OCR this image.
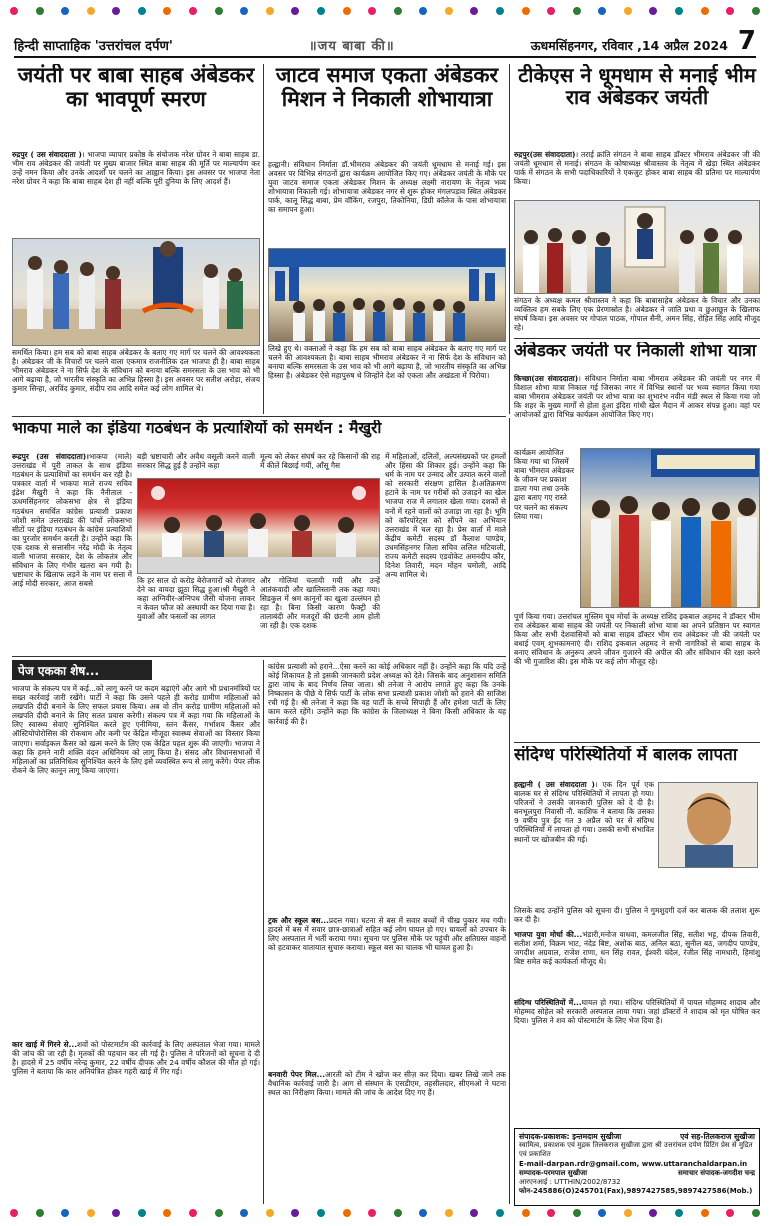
हिन्दी साप्ताहिक 'उत्तरांचल दर्पण'	॥जय बाबा की॥	ऊधमसिंहनगर, रविवार ,14 अप्रैल 2024 7
जयंती पर बाबा साहब अंबेडकर का भावपूर्ण स्मरण
रुद्रपुर ( उस संवाददाता )। भाजपा व्यापार प्रकोष्ठ के संयोजक नरेश ग्रोवर ने बाबा साहब डा. भीम राव अंबेडकर की जयंती पर मुख्य बाजार स्थित बाबा साहब की मूर्ति पर माल्यार्पण कर उन्हें नमन किया और उनके आदर्शों पर चलने का आह्वान किया। इस अवसर पर भाजपा नेता नरेश ग्रोवर ने कहा कि बाबा साहब देश ही नहीं बल्कि पूरी दुनिया के लिए आदर्श हैं।
समर्थित किया। हम सब को बाबा साहब अंबेडकर के बताए गए मार्ग पर चलने की आवश्यकता है। अंबेडकर जी के विचारों पर चलने वाला एकमात्र राजनीतिक दल भाजपा ही है। बाबा साहब भीमराव अंबेडकर ने ना सिर्फ देश के संविधान को बनाया बल्कि समरसता के उस भाव को भी आगे बढ़ाया है, जो भारतीय संस्कृति का अभिन्न हिस्सा है। इस अवसर पर सतीश अरोड़ा, संजय कुमार सिन्हा, अरविंद कुमार, संदीप राव आदि समेत कई लोग शामिल थे।
जाटव समाज एकता अंबेडकर मिशन ने निकाली शोभायात्रा
हल्द्वानी। संविधान निर्माता डॉ.भीमराव अंबेडकर की जयंती धूमधाम से मनाई गई। इस अवसर पर विभिन्न संगठनों द्वारा कार्यक्रम आयोजित किए गए। अंबेडकर जयंती के मौके पर युवा जाटव समाज एकता अंबेडकर मिशन के अध्यक्ष लक्ष्मी नारायण के नेतृत्व भव्य शोभायात्रा निकाली गई। शोभायात्रा अंबेडकर नगर से शुरू होकर मंगलपड़ाव स्थित अंबेडकर पार्क, कालू सिद्ध बाबा, प्रेम वॉकिंग, रजपुरा, तिकोनिया, डिग्री कॉलेज के पास शोभायात्रा का समापन हुआ।
लिखे हुए थे। वक्ताओं ने कहा कि हम सब को बाबा साहब अंबेडकर के बताए गए मार्ग पर चलने की आवश्यकता है। बाबा साहब भीमराव अंबेडकर ने ना सिर्फ देश के संविधान को बनाया बल्कि समरसता के उस भाव को भी आगे बढ़ाया है, जो भारतीय संस्कृति का अभिन्न हिस्सा है। अंबेडकर ऐसे महापुरुष थे जिन्होंने देश को एकता और अखंडता में पिरोया।
टीकेएस ने धूमधाम से मनाई भीम राव अंबेडकर जयंती
रुद्रपुर(उस संवाददाता)। तराई क्रांति संगठन ने बाबा साहब डॉक्टर भीमराव अंबेडकर जी की जयंती धूमधाम से मनाई। संगठन के कोषाध्यक्ष श्रीवास्तव के नेतृत्व में खेड़ा स्थित अंबेडकर पार्क में संगठन के सभी पदाधिकारियों ने एकजुट होकर बाबा साहब की प्रतिमा पर माल्यार्पण किया।
संगठन के अध्यक्ष कमल श्रीवास्तव ने कहा कि बाबासाहेब अंबेडकर के विचार और उनका व्यक्तित्व हम सबके लिए एक प्रेरणास्रोत है। अंबेडकर ने जाति प्रथा व छुआछूत के खिलाफ संघर्ष किया। इस अवसर पर गोपाल पाठक, गोपाल सैनी, अमन सिंह, रोहित सिंह आदि मौजूद रहे।
अंबेडकर जयंती पर निकाली शोभा यात्रा
किच्छा(उस संवाददाता)। संविधान निर्माता बाबा भीमराव अंबेडकर की जयंती पर नगर में विशाल शोभा यात्रा निकाल गई जिसका नगर में विभिन्न स्थानों पर भव्य स्वागत किया गया बाबा भीमराव अंबेडकर जयंती पर शोभा यात्रा का शुभारंभ नवीन मंडी स्थल से किया गया जो कि शहर के मुख्य मार्गों से होता हुआ इंदिरा गांधी खेल मैदान में आकर संपन्न हुआ। वहां पर आयोजकों द्वारा विभिन्न कार्यक्रम आयोजित किए गए।
कार्यक्रम आयोजित किया गया था जिसमें बाबा भीमराव अंबेडकर के जीवन पर प्रकाश डाला गया तथा उनके द्वारा बताए गए रास्ते पर चलने का संकल्प लिया गया।
पूर्ण किया गया। उत्तरांचल मुस्लिम यूथ मोर्चा के अध्यक्ष राशिद इकबाल अहमद ने डॉक्टर भीम राव अंबेडकर बाबा साहब की जयंती पर निकाली शोभा यात्रा का अपने प्रतिष्ठान पर स्वागत किया और सभी देशवासियों को बाबा साहब डॉक्टर भीम राव अंबेडकर जी की जयंती पर बधाई एवम् शुभकामनाएं दी। राशिद इकबाल अहमद ने सभी नागरिकों से बाबा साहब के बनाए संविधान के अनुरूप अपने जीवन गुजारने की अपील की और संविधान की रक्षा करने की भी गुजारिश की। इस मौके पर कई लोग मौजूद रहे।
संदिग्ध परिस्थितियों में बालक लापता
हल्द्वानी ( उस संवाददाता )। एक दिन पूर्व एक बालक घर से संदिग्ध परिस्थितियों में लापता हो गया। परिजनों ने उसकी जानकारी पुलिस को दे दी है। बनभूलपुरा निवासी नौ. काशिफ ने बताया कि उसका 9 वर्षीय पुत्र ईद गत 3 अप्रैल को घर से संदिग्ध परिस्थितियों में लापता हो गया। उसकी सभी संभावित स्थानों पर खोजबीन की गई।
जिसके बाद उन्होंने पुलिस को सूचना दी। पुलिस ने गुमशुदगी दर्ज कर बालक की तलाश शुरू कर दी है।
भाजपा युवा मोर्चा की...भंडारी,मनोज वाधवा, कमलजीत सिंह, सतीश भट्ट, दीपक तिवारी, सतीश शर्मा, विक्रम भाट, नंदेड बिष्ट, अशोक बाठ, अनिल बठा, सुनील बठ, जगदीप पाण्डेय, जगदीश अग्रवाल, राजेश राणा, धन सिंह रावत, ईश्वरी चंदेल, रंजीत सिंह नामधारी, हिमांशु बिष्ट समेत कई कार्यकर्ता मौजूद थे।
संदिग्ध परिस्थितियों में...घायल हो गया। संदिग्ध परिस्थितियों में पायल मोहम्मद शादाब और मोहम्मद सोहेल को सरकारी अस्पताल लाया गया। जहां डॉक्टरों ने शादाब को मृत घोषित कर दिया। पुलिस ने शव को पोस्टमार्टम के लिए भेज दिया है।
संपादक-प्रकाशक: इन्तमदाम सुखीजा	एवं सह-तिलकराज सुखीजा
स्वामित्व, प्रकाशक एवं मुद्रक तिलकराज सुखीजा द्वारा श्री उत्तरांचल दर्पण प्रिंटिंग प्रेस से मुद्रित एवं प्रकाशित
E-mail-darpan.rdr@gmail.com, www.uttaranchaldarpan.in
सम्पादक-परमपाल सुखीजा	समाचार संपादक-जगदीश चन्द्र
आरएनआई : UTTHIN/2002/8732
फोन-245886(O)245701(Fax),9897427585,9897427586(Mob.)
भाकपा माले का इंडिया गठबंधन के प्रत्याशियों को समर्थन : मैखुरी
रूद्रपुर (उस संवाददाता)।भाकपा (माले) उत्तराखंड में पूरी ताकत के साथ इंडिया गठबंधन के प्रत्याशियों का समर्थन कर रही है। पत्रकार वार्ता में भाकपा माले राज्य सचिव इंद्रेश मैखुरी ने कहा कि नैनीताल - ऊधमसिंहनगर लोकसभा क्षेत्र से इंडिया गठबंधन समर्थित कांग्रेस प्रत्याशी प्रकाश जोशी समेत उत्तराखंड की पांचों लोकसभा सीटों पर इंडिया गठबंधन के कांग्रेस प्रत्याशियों का पुरजोर समर्थन करती है। उन्होंने कहा कि एक दशक से सत्तासीन नरेंद्र मोदी के नेतृत्व वाली भाजपा सरकार, देश के लोकतंत्र और संविधान के लिए गंभीर खतरा बन गयी है। भ्रष्टाचार के खिलाफ लड़ने के नाम पर सत्ता में आई मोदी सरकार, आज सबसे
बड़ी भ्रष्टाचारी और अवैध वसूली करने वाली सरकार सिद्ध हुई है उन्होंने कहा
मूल्य को लेकर संघर्ष कर रहे किसानों की राह में कीलें बिछाई गयीं, आँसू गैस
कि हर साल दो करोड़ बेरोजगारों को रोजगार देने का वायदा झूठा सिद्ध हुआ।श्री मैखुरी ने कहा अग्निवीर-अग्निपथ जैसी योजना लाकर न केवल फौज को अस्थायी कर दिया गया है।युवाओं और फसलों का लागत
और गोलियां चलायी गयी और उन्हें आतंकवादी और खालिस्तानी तक कहा गया। सिडकुल में श्रम कानूनों का खुला उल्लंघन हो रहा है। बिना किसी कारण फैक्ट्री की तालाबंदी और मजदूरों की छंटनी आम होती जा रही है। एक दशक
में महिलाओं, दलितों, अल्पसंख्यकों पर हमलों और हिंसा की शिकार हुई। उन्होंने कहा कि धर्म के नाम पर उन्माद और उत्पात करने वालों को सरकारी संरक्षण हासिल है।अतिक्रमण हटाने के नाम पर गरीबों को उजाड़ने का खेल भाजपा राज में लगातार खेला गया। दशकों से वनों में रहने वालों को उजाड़ा जा रहा है। भूमि को कॉरपोरेट्स को सौंपने का अभियान उत्तराखंड में चल रहा है। प्रेस वार्ता में माले केंद्रीय कमेटी सदस्य डॉ कैलाश पाण्डेय, उधमसिंहनगर जिला सचिव ललित मटियाली, राज्य कमेटी सदस्य एडवोकेट अमनदीप कौर, दिनेश तिवारी, मदन मोहन चमोली, आदि अन्य शामिल थे।
पेज एकका शेष...
भाजपा के संकल्प पत्र में कई...को लागू करने पर कदम बढ़ाएंगे और आगे भी प्रधानमंत्रियों पर सख्त कार्रवाई जारी रखेंगे। पार्टी ने कहा कि उसने पहले ही करोड़ ग्रामीण महिलाओं को लखपति दीदी बनाने के लिए सफल प्रयास किया। अब वो तीन करोड़ ग्रामीण महिलाओं को लखपति दीदी बनाने के लिए सतत प्रयास करेगी। संकल्प पत्र में कहा गया कि महिलाओं के लिए स्वास्थ्य सेवाएं सुनिश्चित करते हुए एनीमिया, स्तन कैंसर, गर्भाशय कैंसर और ऑस्टियोपोरोसिस की रोकथाम और कमी पर केंद्रित मौजूदा स्वास्थ्य सेवाओं का विस्तार किया जाएगा। सर्वाइकल कैंसर को खत्म करने के लिए एक केंद्रित पहल शुरू की जाएगी। भाजपा ने कहा कि हमने नारी शक्ति वंदन अधिनियम को लागू किया है। संसद और विधानसभाओं में महिलाओं का प्रतिनिधित्व सुनिश्चित करने के लिए इसे व्यवस्थित रूप से लागू करेंगे। पेपर लीक रोकने के लिए कानून लागू किया जाएगा।
कार खाई में गिरने से...शवों को पोस्टमार्टम की कार्रवाई के लिए अस्पताल भेजा गया। मामले की जांच की जा रही है। मृतकों की पहचान कर ली गई है। पुलिस ने परिजनों को सूचना दे दी है। हादसे में 25 वर्षीय नरेन्द्र कुमार, 22 वर्षीय दीपक और 24 वर्षीय कौशल की मौत हो गई। पुलिस ने बताया कि कार अनियंत्रित होकर गहरी खाई में गिर गई।
कांग्रेस प्रत्याशी को हराने...ऐसा करने का कोई अधिकार नहीं है। उन्होंने कहा कि यदि उन्हें कोई शिकायत है तो इसकी जानकारी प्रदेश अध्यक्ष को देते। जिसके बाद अनुशासन समिति द्वारा जांच के बाद निर्णय लिया जाता। श्री तनेजा ने आरोप लगाते हुए कहा कि उनके निष्कासन के पीछे ये सिर्फ पार्टी के लोक सभा प्रत्याशी प्रकाश जोशी को हराने की साजिश रची गई है। श्री तनेजा ने कहा कि वह पार्टी के सच्चे सिपाही हैं और हमेशा पार्टी के लिए काम करते रहेंगे। उन्होंने कहा कि कांग्रेस के जिलाध्यक्ष ने बिना किसी अधिकार के यह कार्रवाई की है।
ट्रक और स्कूल बस...प्रदत्त गया। घटना से बस में सवार बच्चों में चीख पुकार मच गयी। हादसे में बस में सवार छात्र-छात्राओं सहित कई लोग घायल हो गए। घायलों को उपचार के लिए अस्पताल में भर्ती कराया गया। सूचना पर पुलिस मौके पर पहुंची और क्षतिग्रस्त वाहनों को हटवाकर यातायात सुचारु कराया। स्कूल बस का चालक भी घायल हुआ है।
बनवारी पेपर मिल...आरती को टीम ने खोज कर सीज़ कर दिया। खबर लिखे जाने तक वैधानिक कार्रवाई जारी है। आग से संस्थान के एसडीएम, तहसीलदार, सीएमओ ने घटना स्थल का निरीक्षण किया। मामले की जांच के आदेश दिए गए हैं।
